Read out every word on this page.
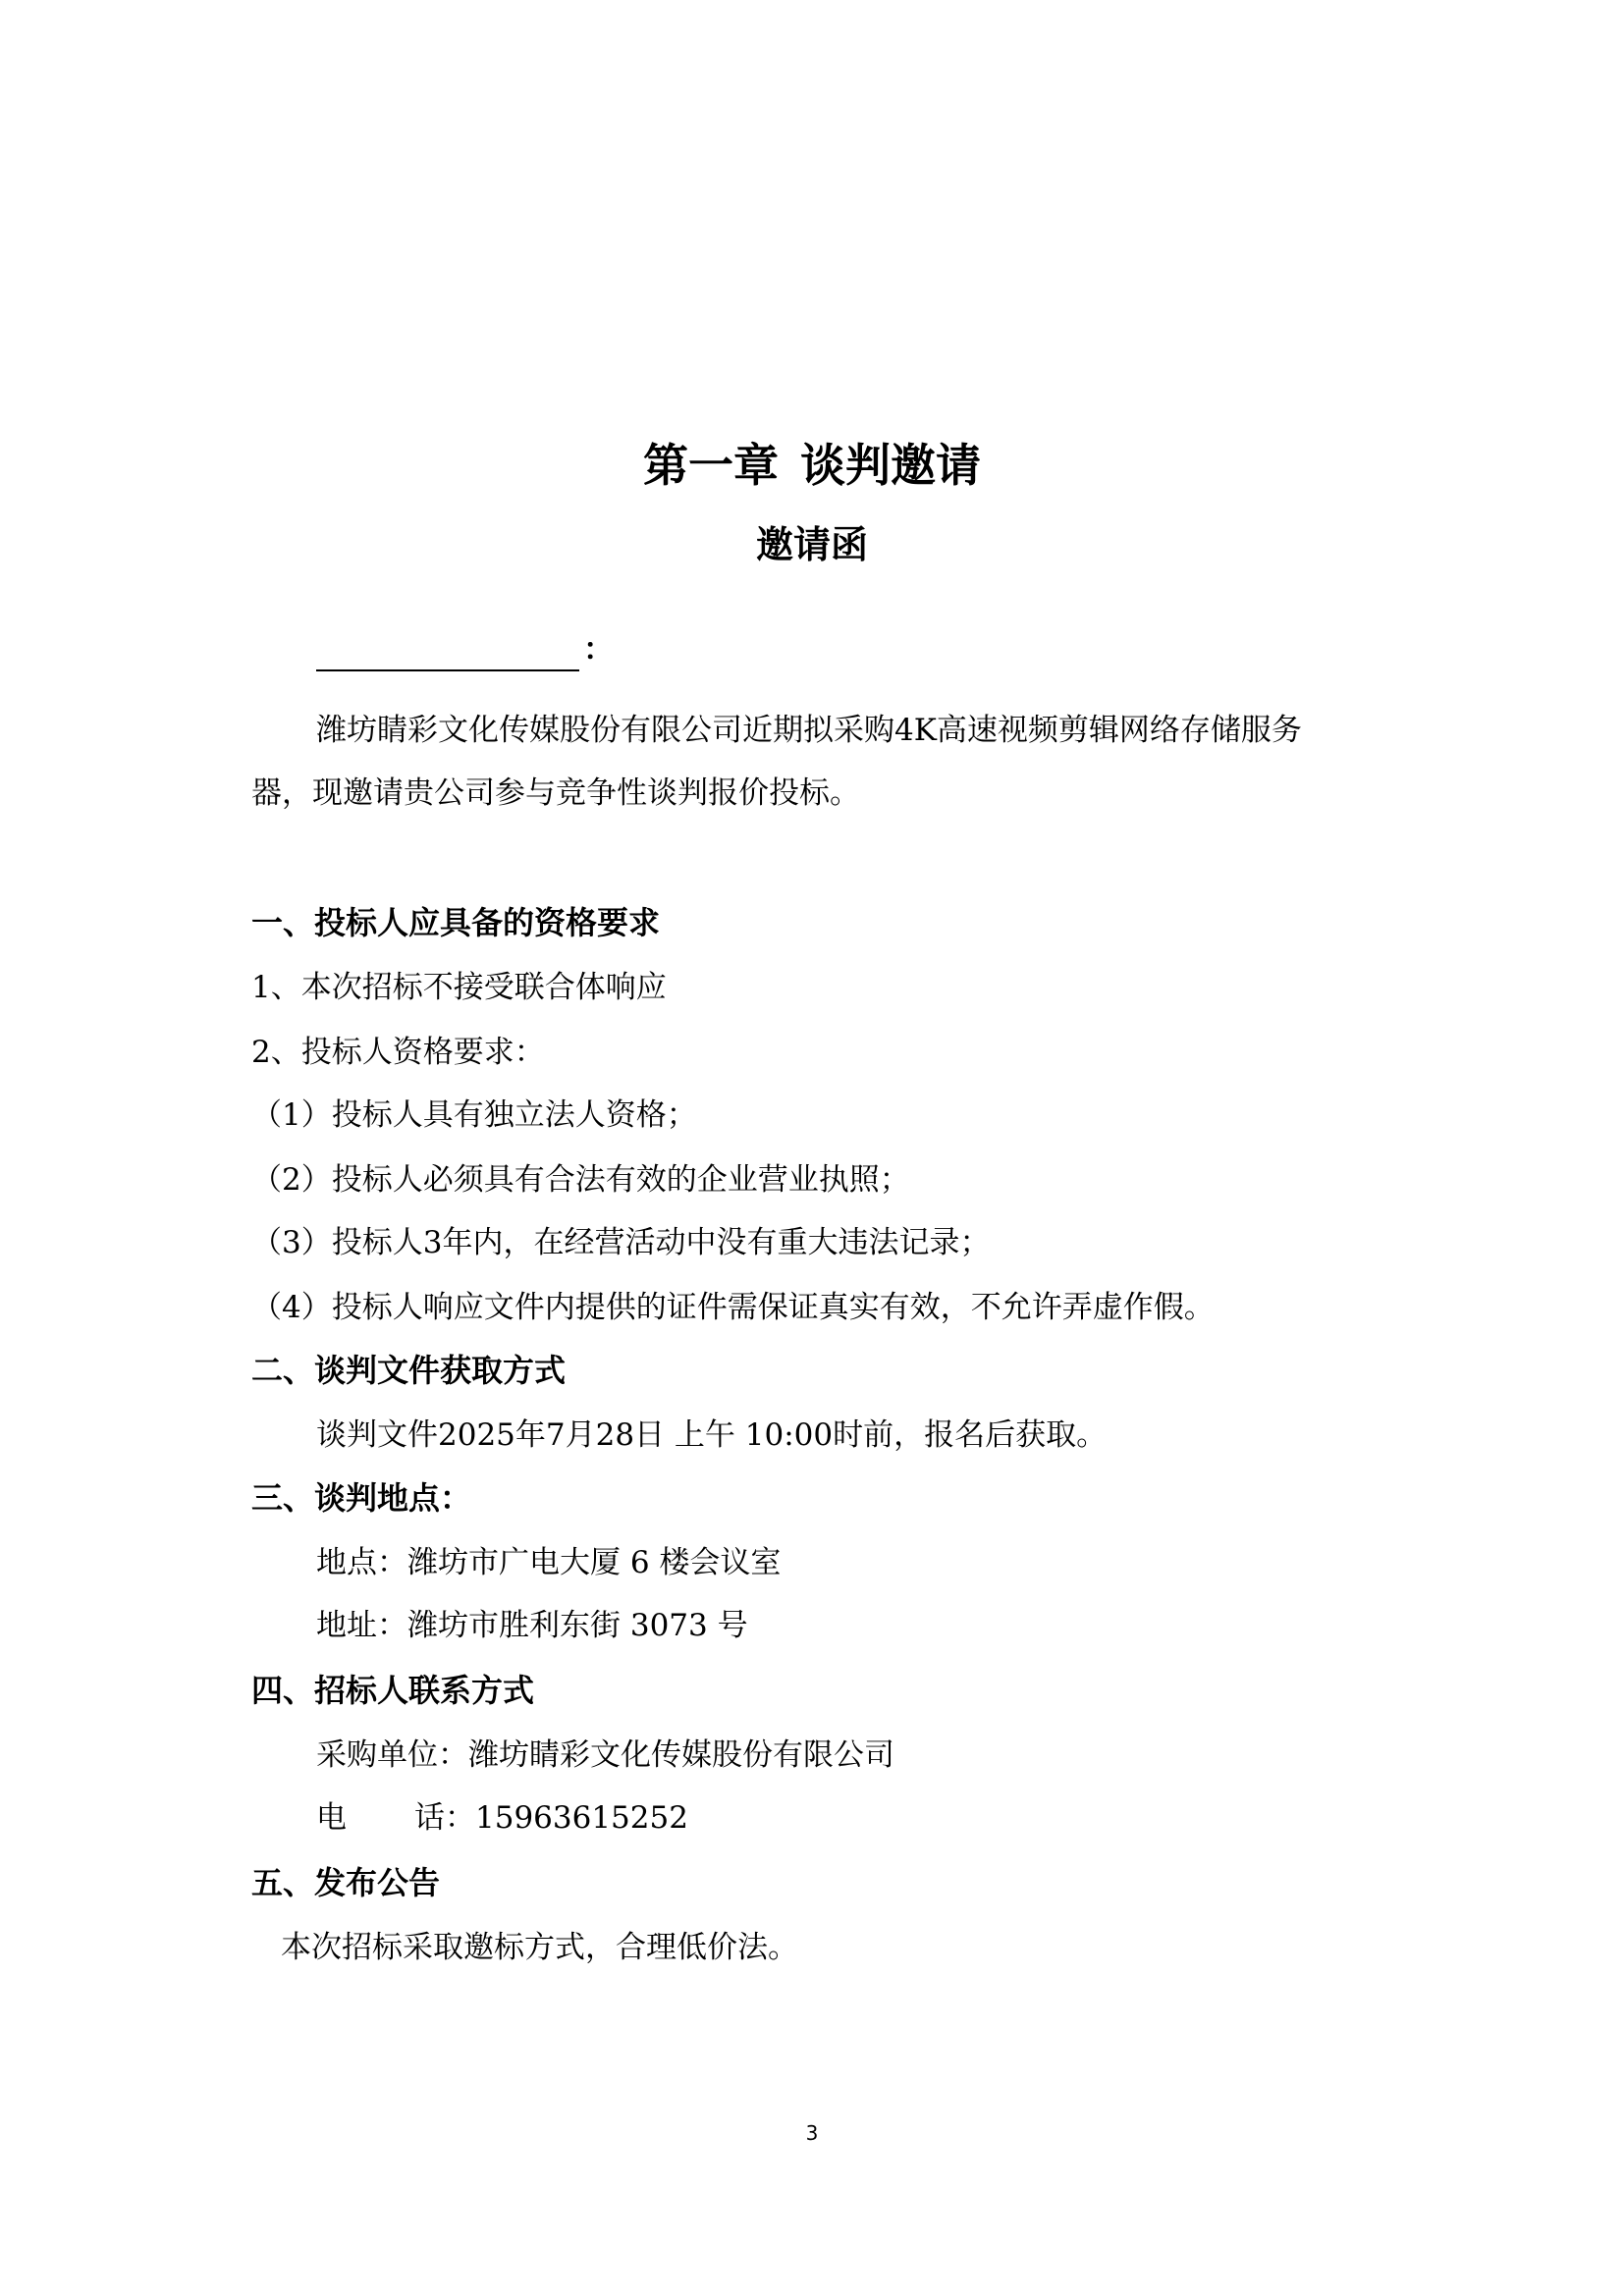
第一章 谈判邀请
邀请函
：

潍坊睛彩文化传媒股份有限公司近期拟采购4K高速视频剪辑网络存储服务

器，现邀请贵公司参与竞争性谈判报价投标。

一、投标人应具备的资格要求

1、本次招标不接受联合体响应

2、投标人资格要求：

（1）投标人具有独立法人资格；

（2）投标人必须具有合法有效的企业营业执照；

（3）投标人3年内，在经营活动中没有重大违法记录；

（4）投标人响应文件内提供的证件需保证真实有效，不允许弄虚作假。

二、谈判文件获取方式

谈判文件2025年7月28日 上午 10:00时前，报名后获取。

三、谈判地点：

地点：潍坊市广电大厦 6 楼会议室

地址：潍坊市胜利东街 3073 号

四、招标人联系方式

采购单位：潍坊睛彩文化传媒股份有限公司

电 话：15963615252

五、发布公告

本次招标采取邀标方式，合理低价法。

3
